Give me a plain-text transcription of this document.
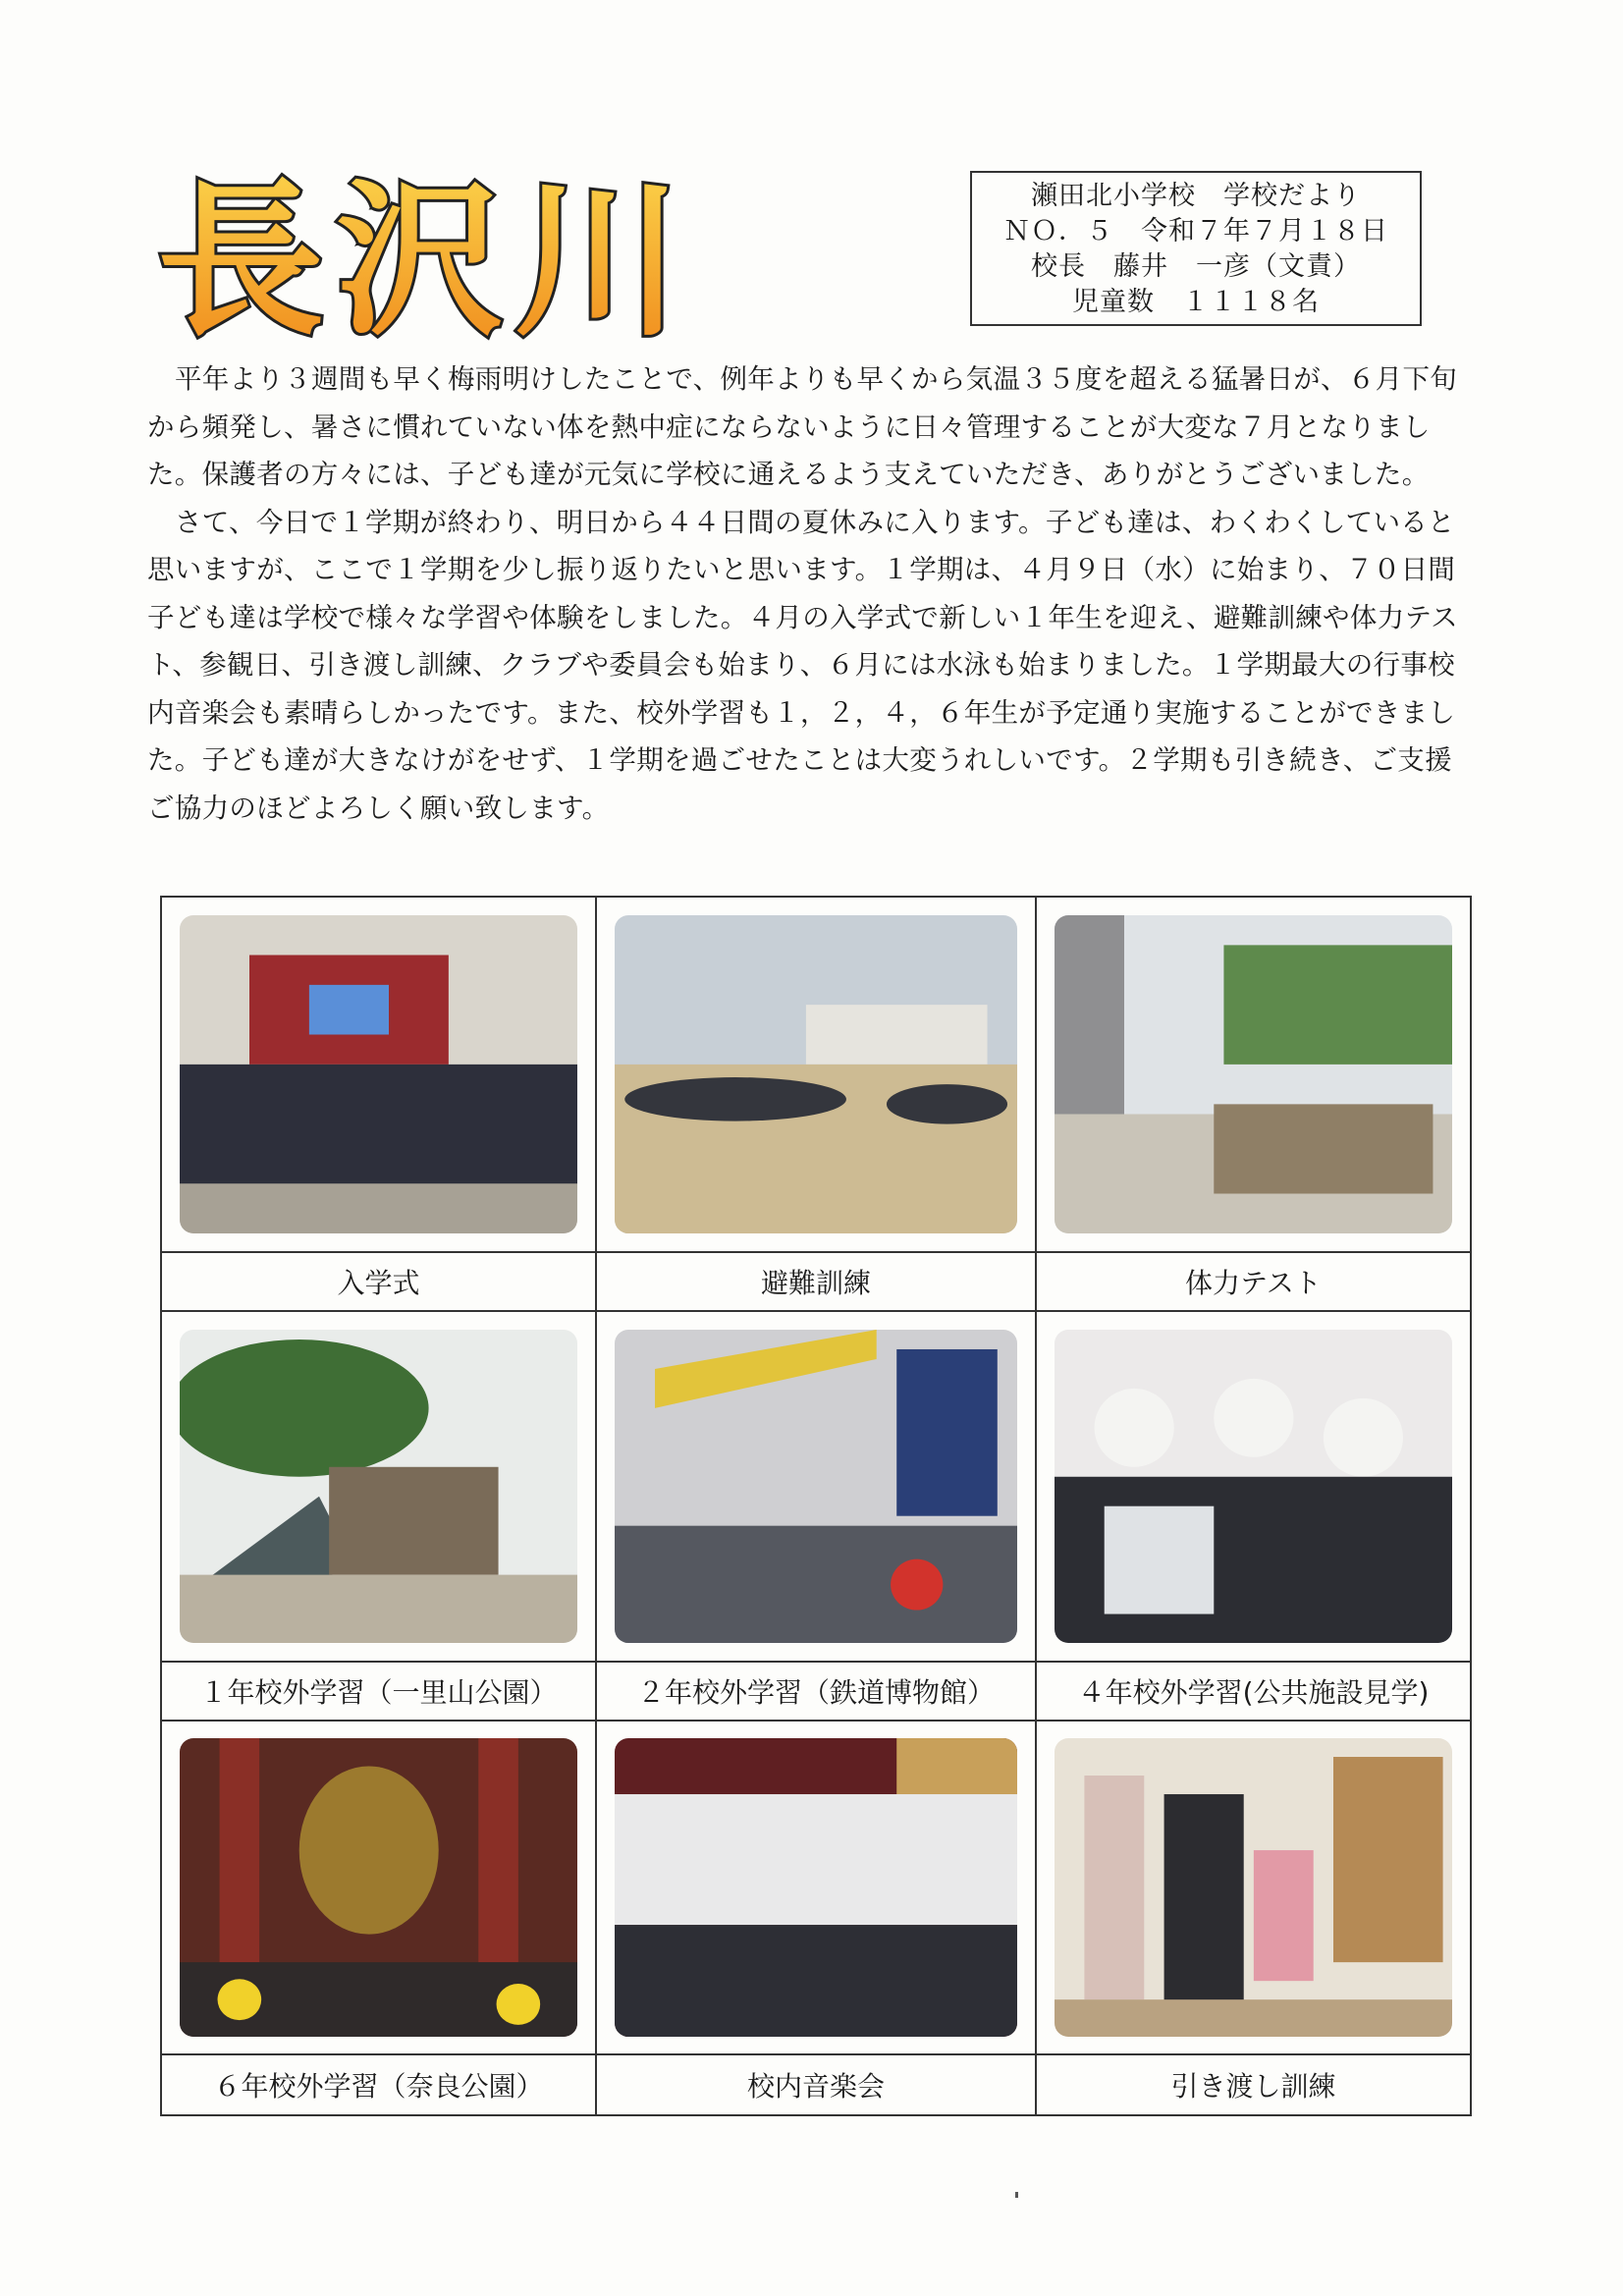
長沢川	瀬田北小学校　学校だより
ＮＯ．５　令和７年７月１８日
校長　藤井　一彦（文責）
児童数　１１１８名

平年より３週間も早く梅雨明けしたことで、例年よりも早くから気温３５度を超える猛暑日が、６月下旬から頻発し、暑さに慣れていない体を熱中症にならないように日々管理することが大変な７月となりました。保護者の方々には、子ども達が元気に学校に通えるよう支えていただき、ありがとうございました。

さて、今日で１学期が終わり、明日から４４日間の夏休みに入ります。子ども達は、わくわくしていると思いますが、ここで１学期を少し振り返りたいと思います。１学期は、４月９日（水）に始まり、７０日間子ども達は学校で様々な学習や体験をしました。４月の入学式で新しい１年生を迎え、避難訓練や体力テスト、参観日、引き渡し訓練、クラブや委員会も始まり、６月には水泳も始まりました。１学期最大の行事校内音楽会も素晴らしかったです。また、校外学習も１，２，４，６年生が予定通り実施することができました。子ども達が大きなけがをせず、１学期を過ごせたことは大変うれしいです。２学期も引き続き、ご支援ご協力のほどよろしく願い致します。

入学式	避難訓練	体力テスト
１年校外学習（一里山公園）	２年校外学習（鉄道博物館）	４年校外学習(公共施設見学)
６年校外学習（奈良公園）	校内音楽会	引き渡し訓練
